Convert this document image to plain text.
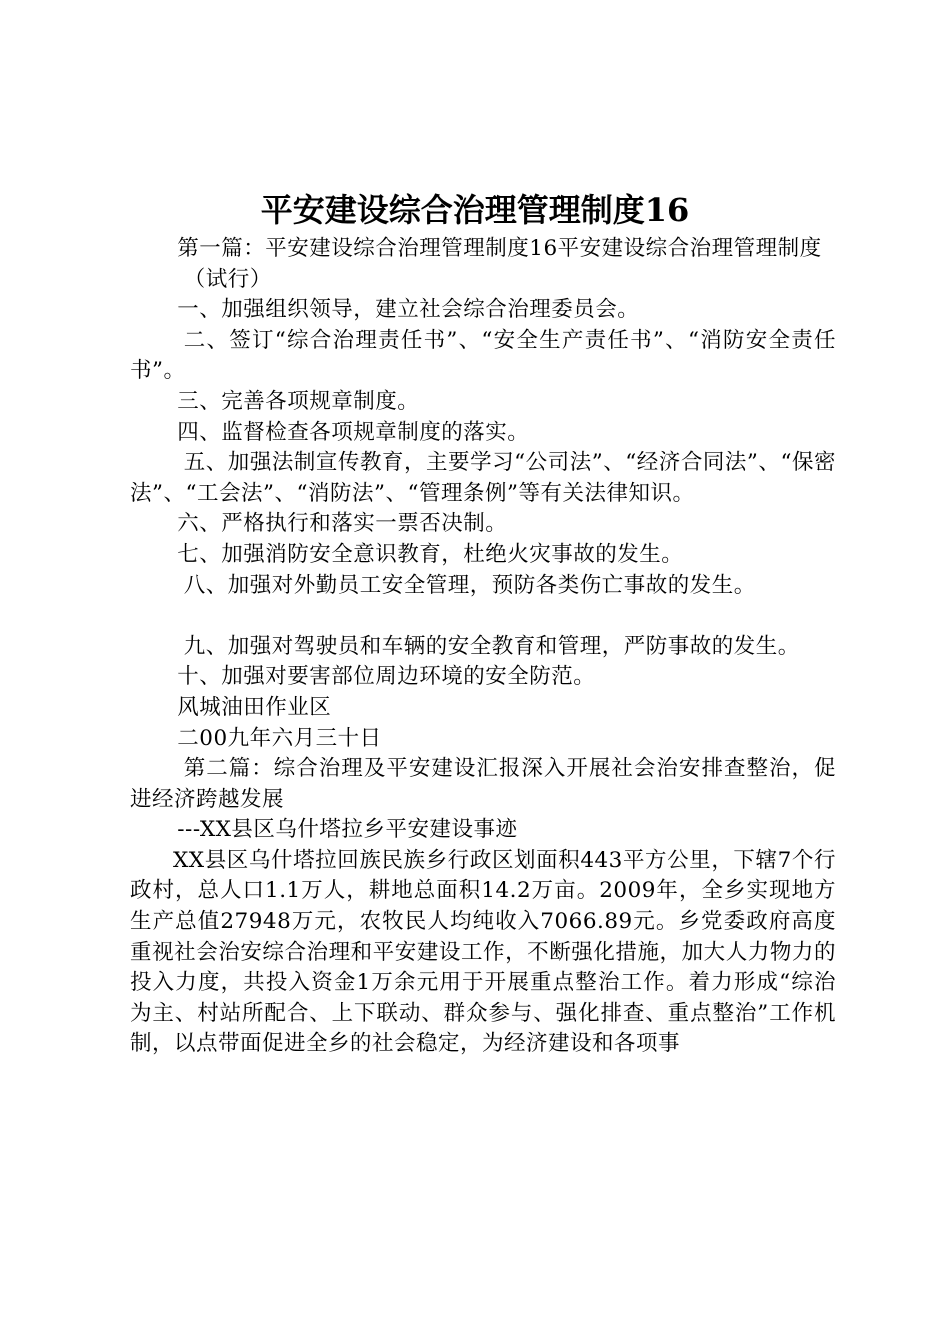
平安建设综合治理管理制度16

第一篇：平安建设综合治理管理制度16平安建设综合治理管理制度

（试行）

一、加强组织领导，建立社会综合治理委员会。

二、签订“综合治理责任书”、“安全生产责任书”、“消防安全责任书”。

三、完善各项规章制度。

四、监督检查各项规章制度的落实。

五、加强法制宣传教育，主要学习“公司法”、“经济合同法”、“保密法”、“工会法”、“消防法”、“管理条例”等有关法律知识。

六、严格执行和落实一票否决制。

七、加强消防安全意识教育，杜绝火灾事故的发生。

八、加强对外勤员工安全管理，预防各类伤亡事故的发生。

九、加强对驾驶员和车辆的安全教育和管理，严防事故的发生。

十、加强对要害部位周边环境的安全防范。

风城油田作业区

二00九年六月三十日

第二篇：综合治理及平安建设汇报深入开展社会治安排查整治，促进经济跨越发展

---XX县区乌什塔拉乡平安建设事迹

XX县区乌什塔拉回族民族乡行政区划面积443平方公里，下辖7个行政村，总人口1.1万人，耕地总面积14.2万亩。2009年，全乡实现地方生产总值27948万元，农牧民人均纯收入7066.89元。乡党委政府高度重视社会治安综合治理和平安建设工作，不断强化措施，加大人力物力的投入力度，共投入资金1万余元用于开展重点整治工作。着力形成“综治为主、村站所配合、上下联动、群众参与、强化排查、重点整治”工作机制，以点带面促进全乡的社会稳定，为经济建设和各项事
